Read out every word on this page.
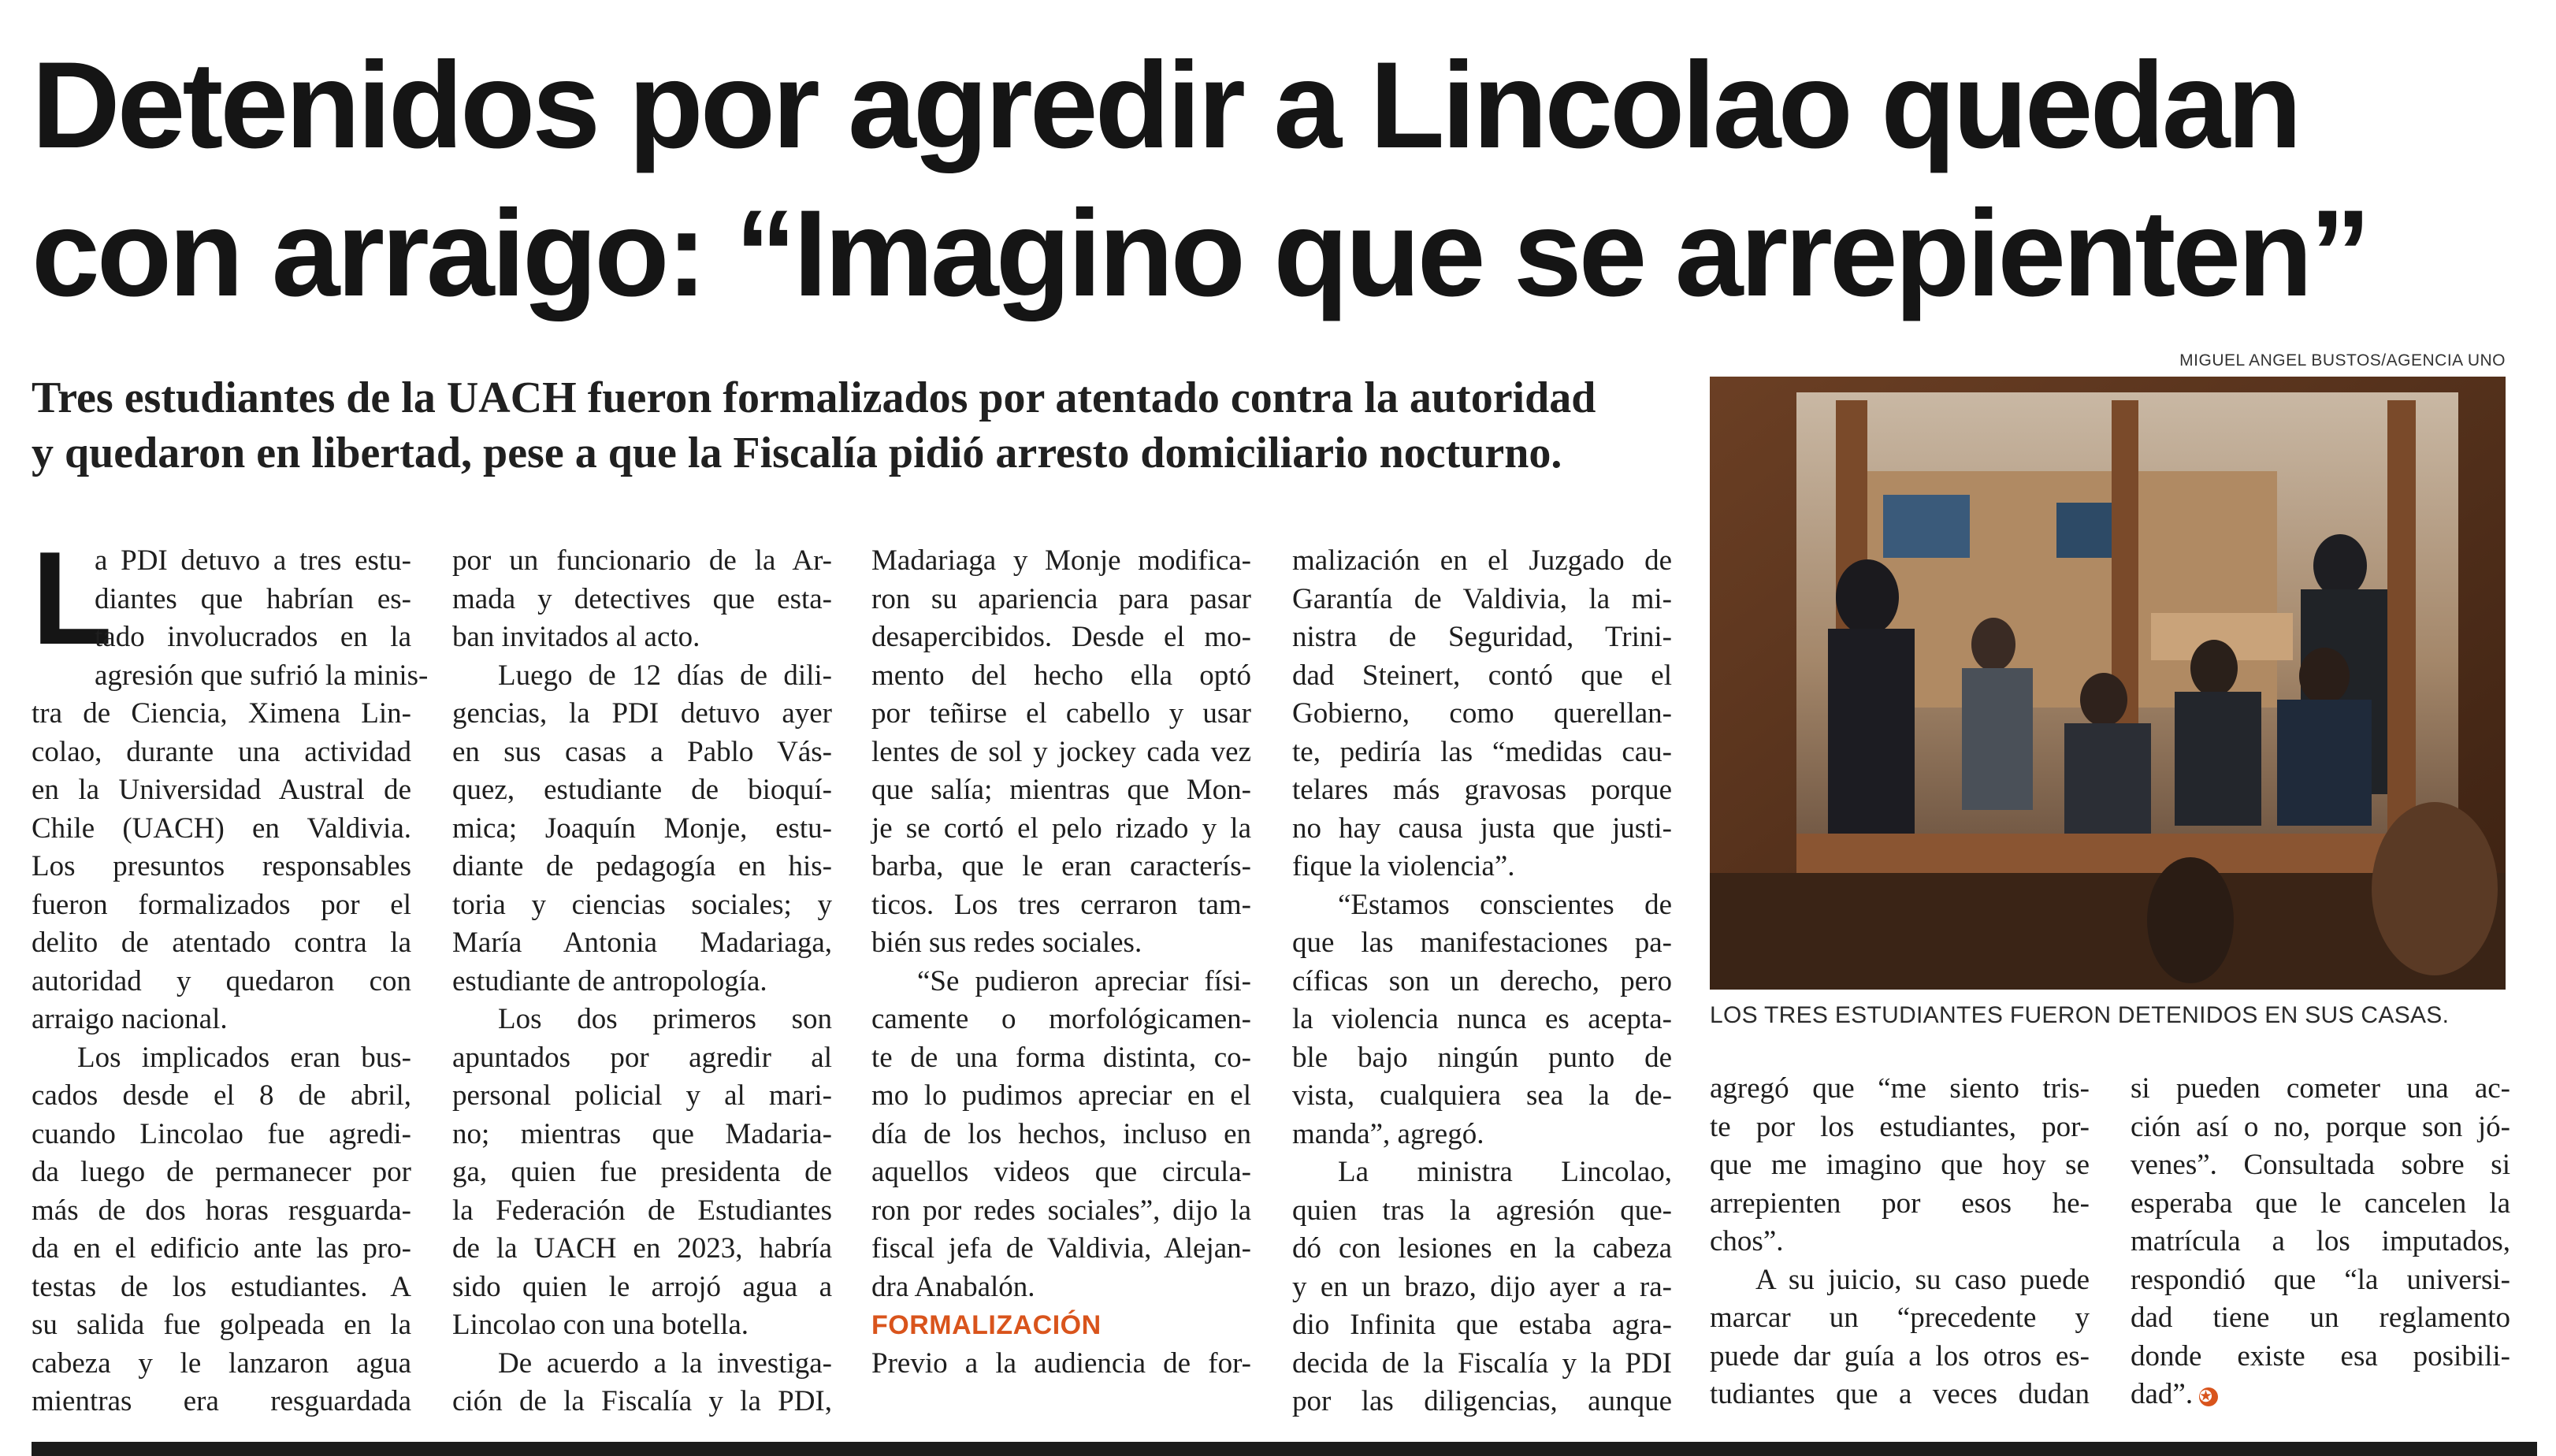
Detenidos por agredir a Lincolao quedan
con arraigo: “Imagino que se arrepienten”
Tres estudiantes de la UACH fueron formalizados por atentado contra la autoridad
y quedaron en libertad, pese a que la Fiscalía pidió arresto domiciliario nocturno.
MIGUEL ANGEL BUSTOS/AGENCIA UNO
LOS TRES ESTUDIANTES FUERON DETENIDOS EN SUS CASAS.
L
a PDI detuvo a tres estu-
diantes que habrían es-
tado involucrados en la
agresión que sufrió la minis-
tra de Ciencia, Ximena Lin-
colao, durante una actividad
en la Universidad Austral de
Chile (UACH) en Valdivia.
Los presuntos responsables
fueron formalizados por el
delito de atentado contra la
autoridad y quedaron con
arraigo nacional.
Los implicados eran bus-
cados desde el 8 de abril,
cuando Lincolao fue agredi-
da luego de permanecer por
más de dos horas resguarda-
da en el edificio ante las pro-
testas de los estudiantes. A
su salida fue golpeada en la
cabeza y le lanzaron agua
mientras era resguardada
por un funcionario de la Ar-
mada y detectives que esta-
ban invitados al acto.
Luego de 12 días de dili-
gencias, la PDI detuvo ayer
en sus casas a Pablo Vás-
quez, estudiante de bioquí-
mica; Joaquín Monje, estu-
diante de pedagogía en his-
toria y ciencias sociales; y
María Antonia Madariaga,
estudiante de antropología.
Los dos primeros son
apuntados por agredir al
personal policial y al mari-
no; mientras que Madaria-
ga, quien fue presidenta de
la Federación de Estudiantes
de la UACH en 2023, habría
sido quien le arrojó agua a
Lincolao con una botella.
De acuerdo a la investiga-
ción de la Fiscalía y la PDI,
Madariaga y Monje modifica-
ron su apariencia para pasar
desapercibidos. Desde el mo-
mento del hecho ella optó
por teñirse el cabello y usar
lentes de sol y jockey cada vez
que salía; mientras que Mon-
je se cortó el pelo rizado y la
barba, que le eran caracterís-
ticos. Los tres cerraron tam-
bién sus redes sociales.
“Se pudieron apreciar físi-
camente o morfológicamen-
te de una forma distinta, co-
mo lo pudimos apreciar en el
día de los hechos, incluso en
aquellos videos que circula-
ron por redes sociales”, dijo la
fiscal jefa de Valdivia, Alejan-
dra Anabalón.
FORMALIZACIÓN
Previo a la audiencia de for-
malización en el Juzgado de
Garantía de Valdivia, la mi-
nistra de Seguridad, Trini-
dad Steinert, contó que el
Gobierno, como querellan-
te, pediría las “medidas cau-
telares más gravosas porque
no hay causa justa que justi-
fique la violencia”.
“Estamos conscientes de
que las manifestaciones pa-
cíficas son un derecho, pero
la violencia nunca es acepta-
ble bajo ningún punto de
vista, cualquiera sea la de-
manda”, agregó.
La ministra Lincolao,
quien tras la agresión que-
dó con lesiones en la cabeza
y en un brazo, dijo ayer a ra-
dio Infinita que estaba agra-
decida de la Fiscalía y la PDI
por las diligencias, aunque
agregó que “me siento tris-
te por los estudiantes, por-
que me imagino que hoy se
arrepienten por esos he-
chos”.
A su juicio, su caso puede
marcar un “precedente y
puede dar guía a los otros es-
tudiantes que a veces dudan
si pueden cometer una ac-
ción así o no, porque son jó-
venes”. Consultada sobre si
esperaba que le cancelen la
matrícula a los imputados,
respondió que “la universi-
dad tiene un reglamento
donde existe esa posibili-
dad”. ✪
